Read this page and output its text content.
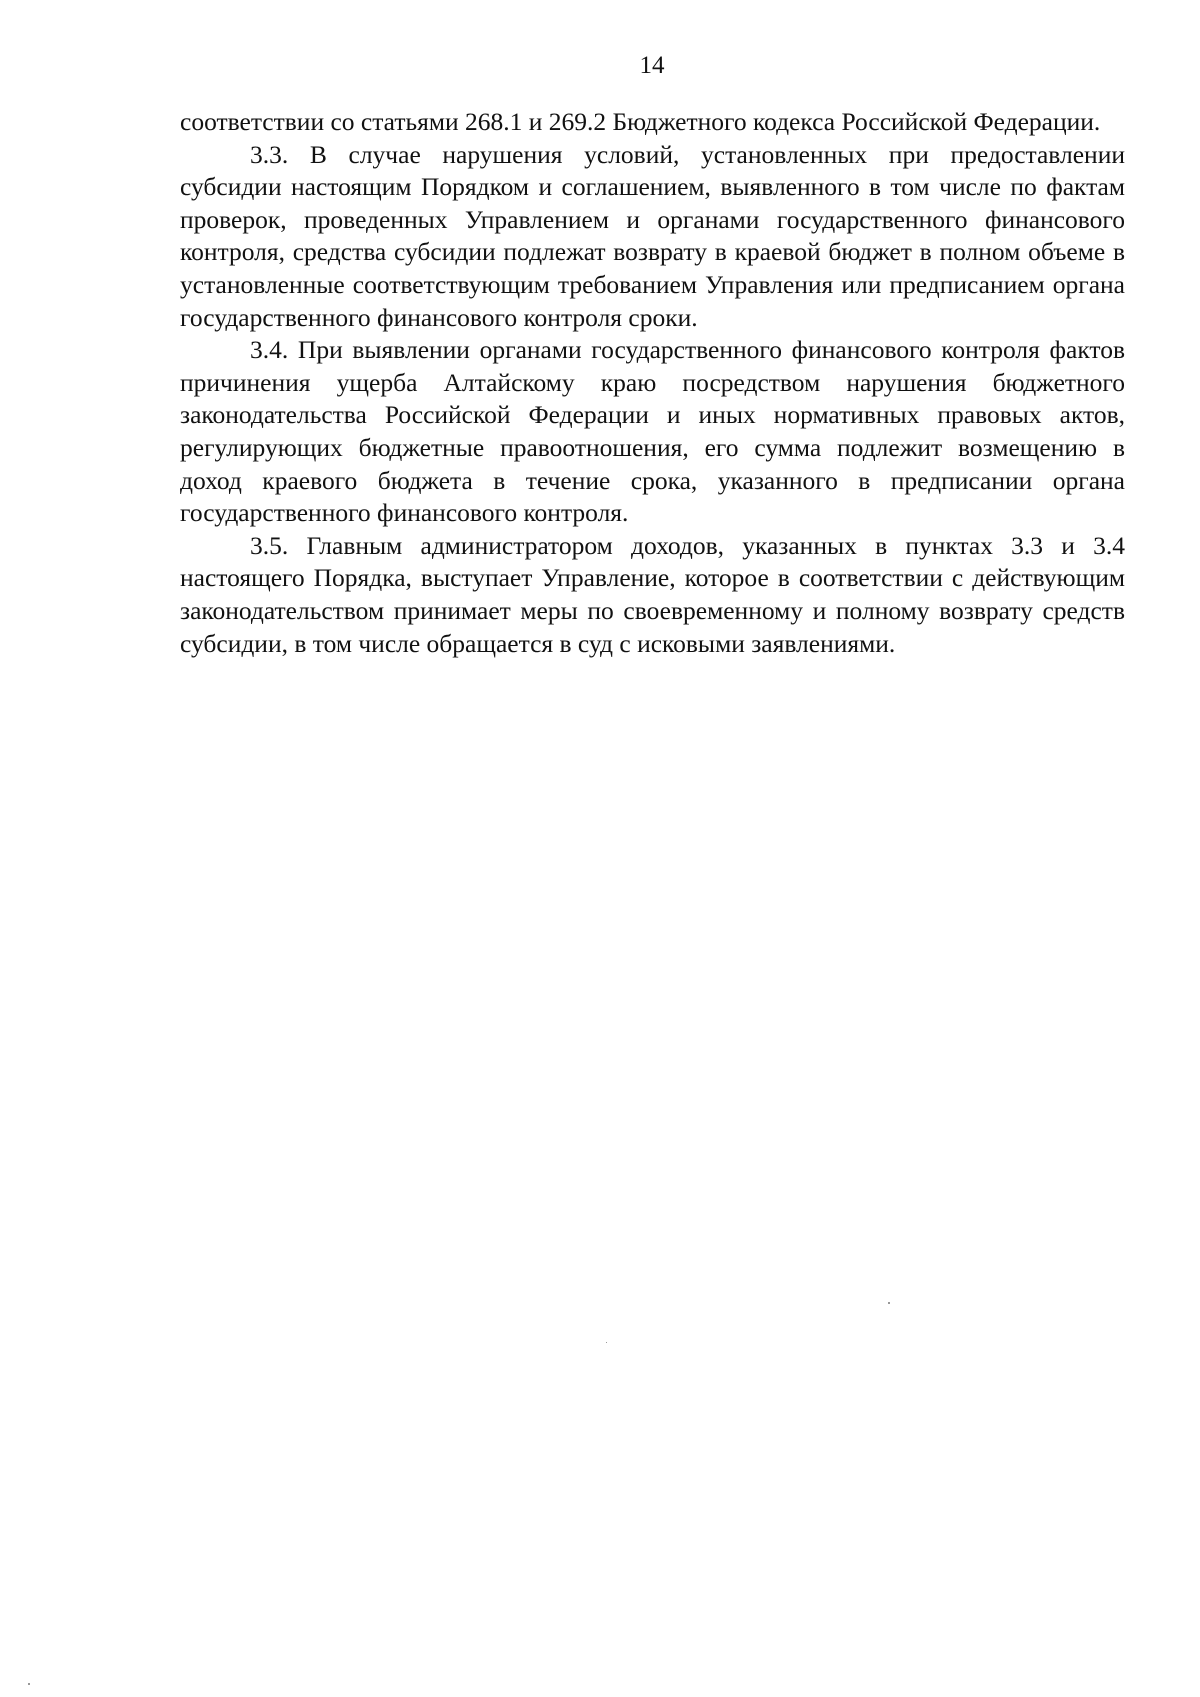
14

соответствии со статьями 268.1 и 269.2 Бюджетного кодекса Российской Федерации.

3.3. В случае нарушения условий, установленных при предоставлении субсидии настоящим Порядком и соглашением, выявленного в том числе по фактам проверок, проведенных Управлением и органами государственного финансового контроля, средства субсидии подлежат возврату в краевой бюджет в полном объеме в установленные соответствующим требованием Управления или предписанием органа государственного финансового контроля сроки.

3.4. При выявлении органами государственного финансового контроля фактов причинения ущерба Алтайскому краю посредством нарушения бюджетного законодательства Российской Федерации и иных нормативных правовых актов, регулирующих бюджетные правоотношения, его сумма подлежит возмещению в доход краевого бюджета в течение срока, указанного в предписании органа государственного финансового контроля.

3.5. Главным администратором доходов, указанных в пунктах 3.3 и 3.4 настоящего Порядка, выступает Управление, которое в соответствии с действующим законодательством принимает меры по своевременному и полному возврату средств субсидии, в том числе обращается в суд с исковыми заявлениями.
